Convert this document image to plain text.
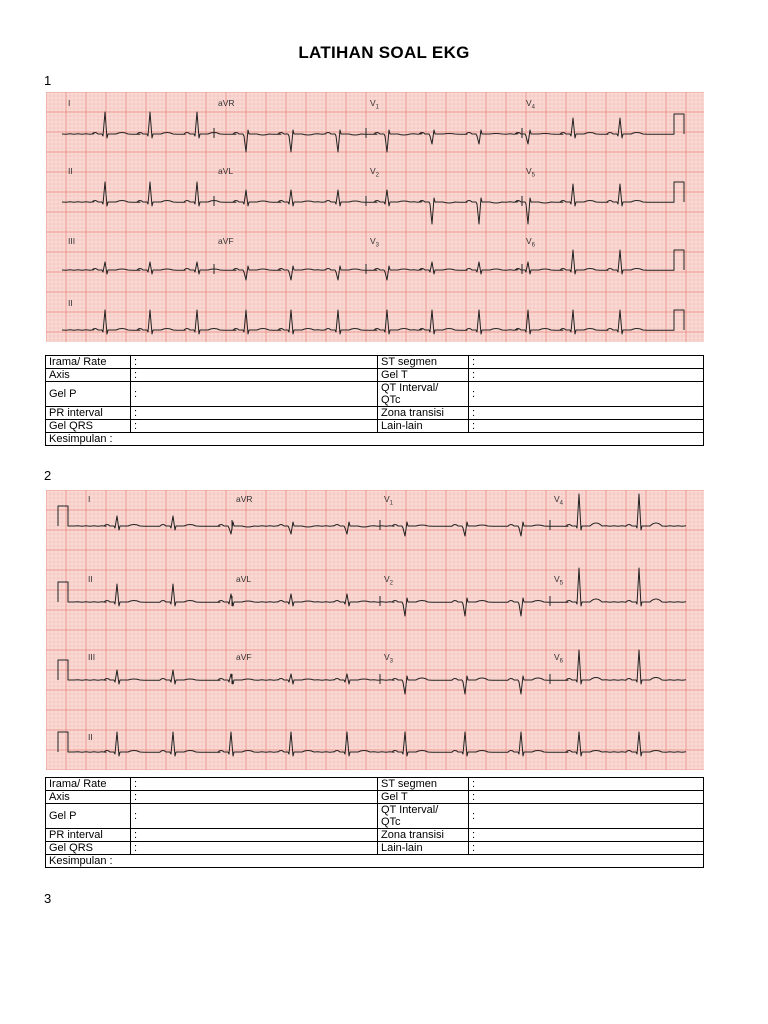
LATIHAN SOAL EKG
1
I	aVR	$V_1$	$V_4$
II	aVL	$V_2$	$V_5$
III	aVF	$V_3$	$V_6$
II
Irama/ Rate	:	ST segmen	:
Axis	:	Gel T	:
Gel P	:	QT Interval/
QTc	:
PR interval	:	Zona transisi	:
Gel QRS	:	Lain-lain	:
Kesimpulan :			
2
I	aVR	$V_1$	$V_4$
II	aVL	$V_2$	$V_5$
III	aVF	$V_3$	$V_6$
II
Irama/ Rate	:	ST segmen	:
Axis	:	Gel T	:
Gel P	:	QT Interval/
QTc	:
PR interval	:	Zona transisi	:
Gel QRS	:	Lain-lain	:
Kesimpulan :			
3
